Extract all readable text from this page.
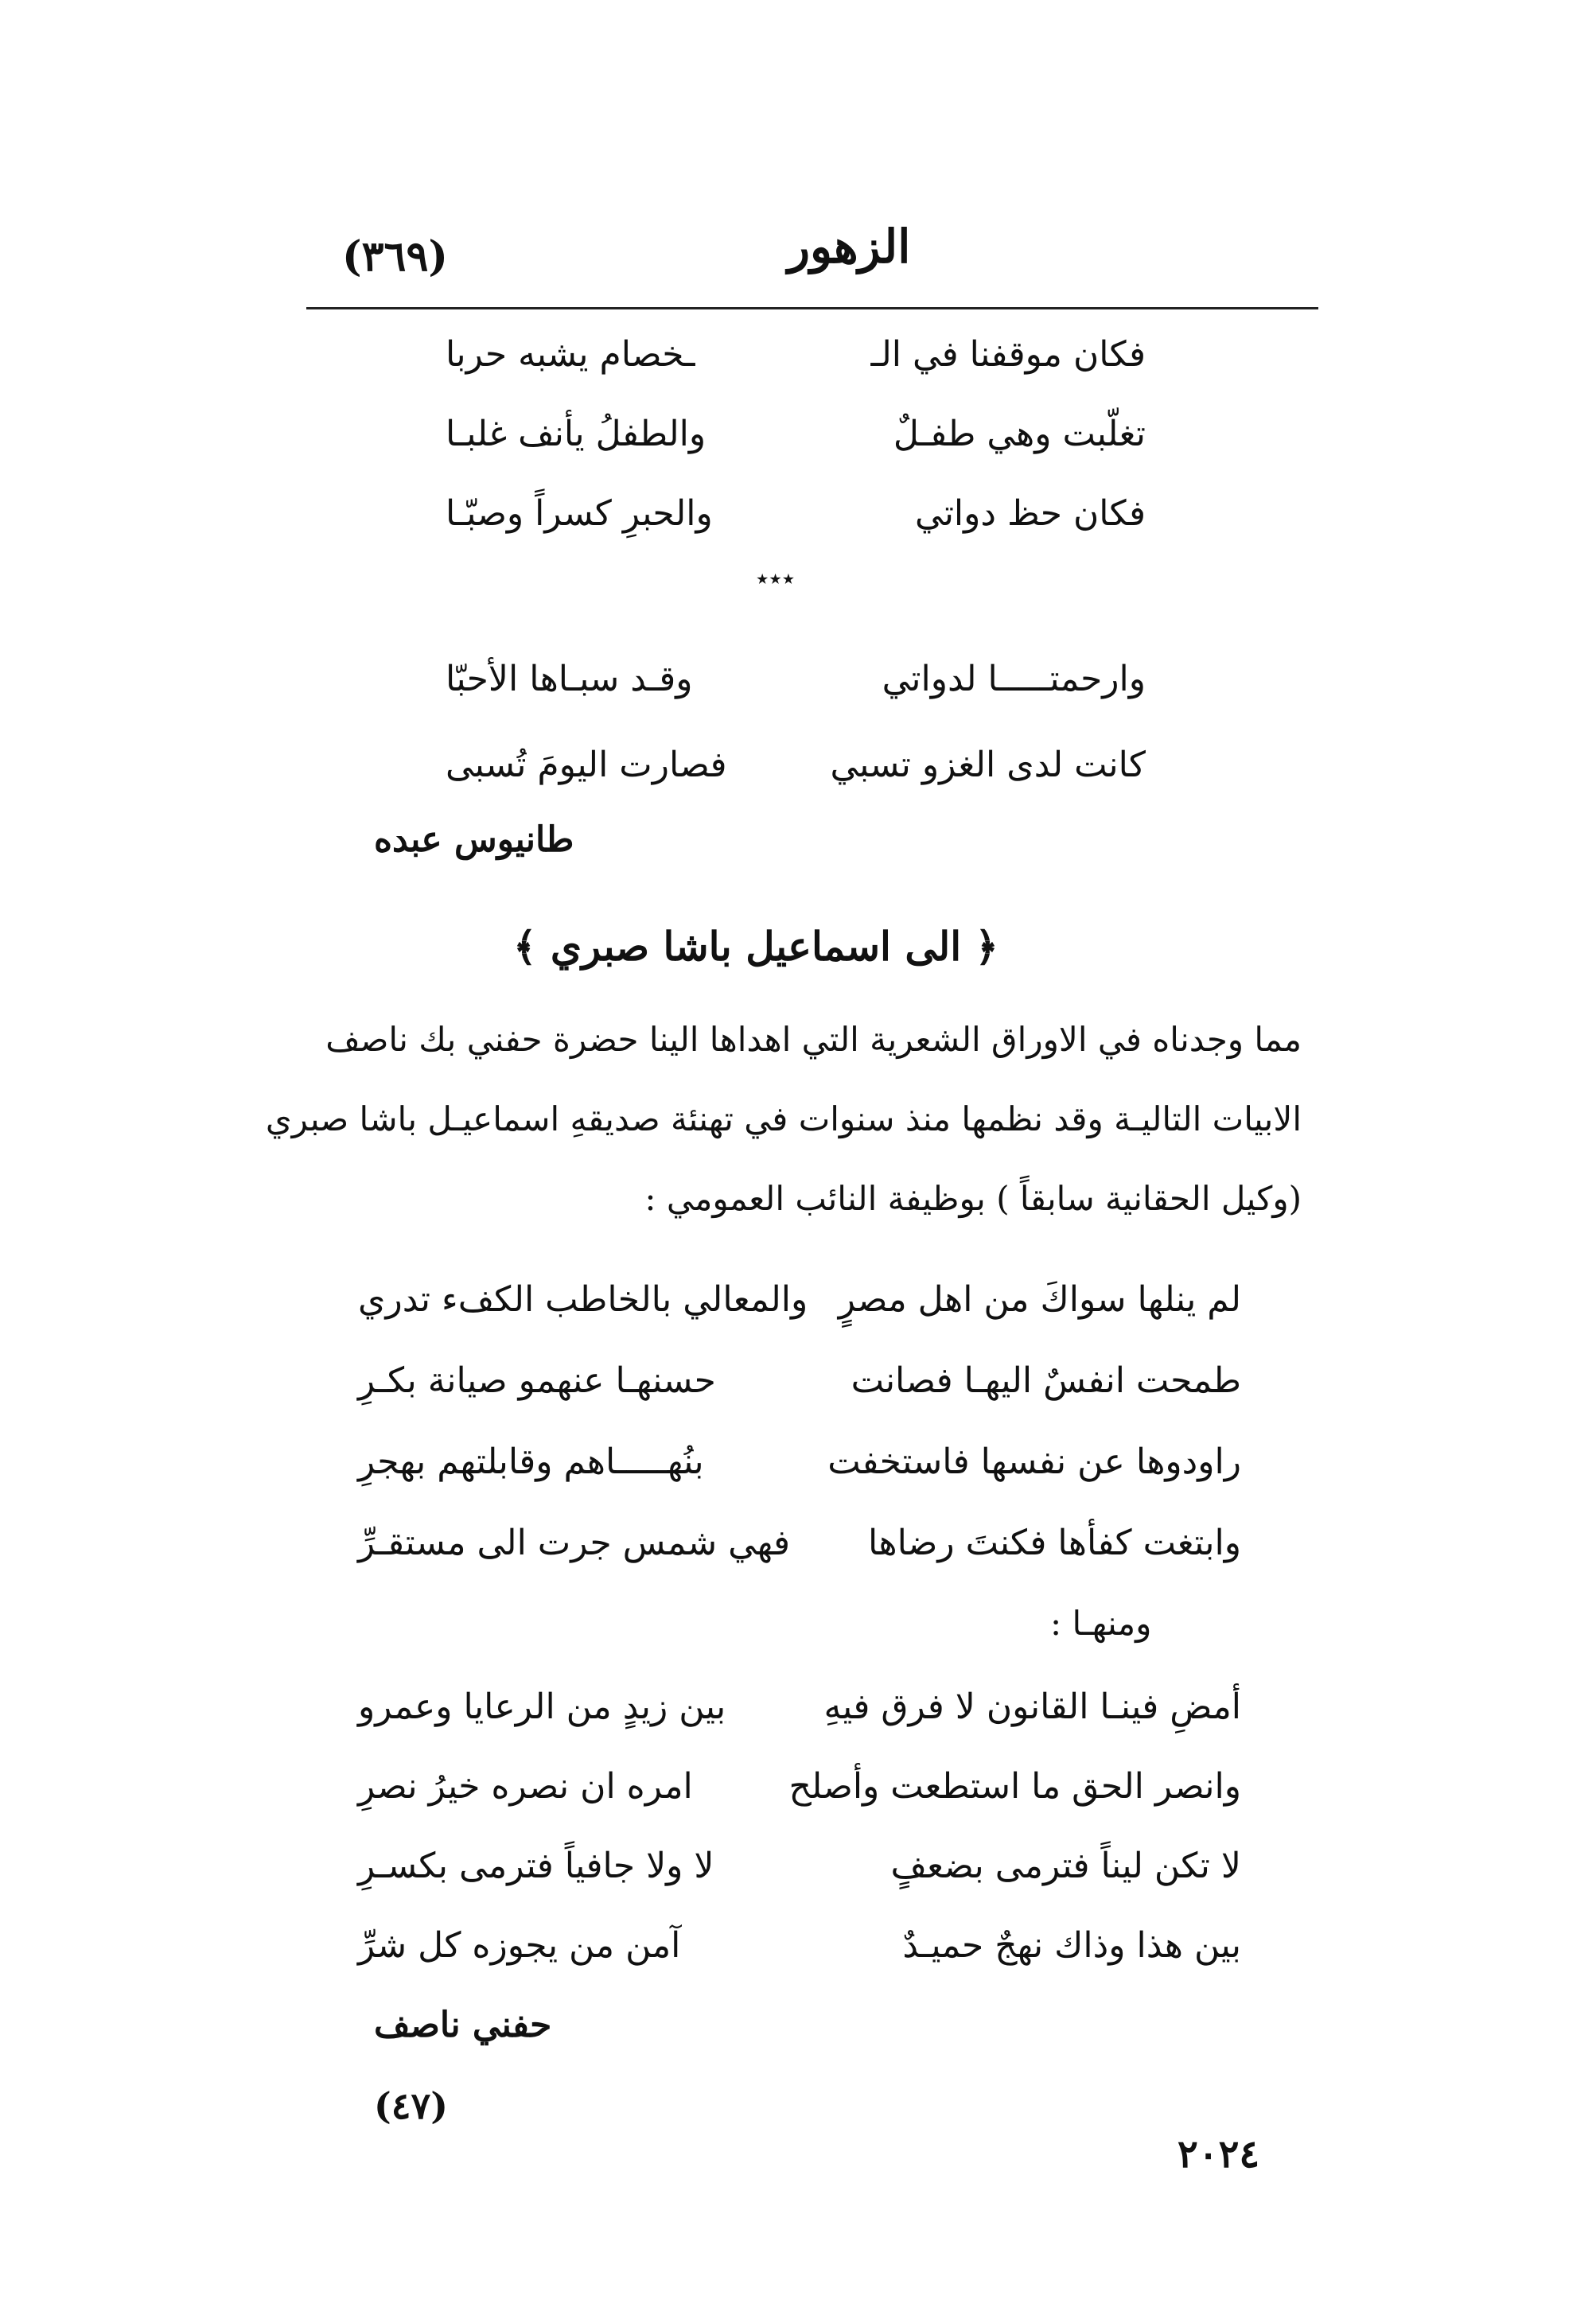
(٣٦٩)	الزهور
فكان موقفنا في الـ
ـخصام يشبه حربا
تغلّبت وهي طفـلٌ
والطفلُ يأنف غلبـا
فكان حظ دواتي
والحبرِ كسراً وصبّـا
٭٭٭
وارحمتـــــا لدواتي
وقـد سبـاها الأحبّا
كانت لدى الغزو تسبي
فصارت اليومَ تُسبى
طانيوس عبده
﴿ الى اسماعيل باشا صبري ﴾
مما وجدناه في الاوراق الشعرية التي اهداها الينا حضرة حفني بك ناصف
الابيات التاليـة وقد نظمها منذ سنوات في تهنئة صديقهِ اسماعيـل باشا صبري
(وكيل الحقانية سابقاً ) بوظيفة النائب العمومي :
لم ينلها سواكَ من اهل مصرٍ
والمعالي بالخاطب الكفء تدري
طمحت انفسٌ اليهـا فصانت
حسنهـا عنهمو صيانة بكـرِ
راودوها عن نفسها فاستخفت
بنُهـــــاهم وقابلتهم بهجرِ
وابتغت كفأها فكنتَ رضاها
فهي شمس جرت الى مستقـرِّ
ومنهـا :
أمضِ فينـا القانون لا فرق فيهِ
بين زيدٍ من الرعايا وعمرو
وانصر الحق ما استطعت وأصلح
امره ان نصره خيرُ نصرِ
لا تكن ليناً فترمى بضعفٍ
لا ولا جافياً فترمى بكسـرِ
بين هذا وذاك نهجٌ حميـدٌ
آمن من يجوزه كل شرِّ
حفني ناصف
(٤٧)
٢٠٢٤
